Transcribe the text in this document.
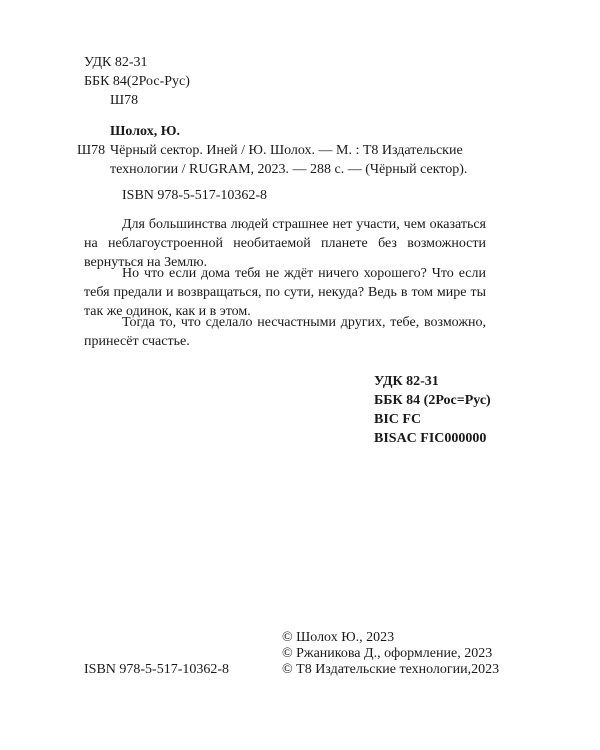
УДК 82-31
ББК 84(2Рос-Рус)
Ш78
Шолох, Ю.
Ш78 Чёрный сектор. Иней / Ю. Шолох. — М. : Т8 Издательские
технологии / RUGRAM, 2023. — 288 с. — (Чёрный сектор).
ISBN 978-5-517-10362-8
Для большинства людей страшнее нет участи, чем оказаться на неблагоустроенной необитаемой планете без возможности вернуться на Землю.
Но что если дома тебя не ждёт ничего хорошего? Что если тебя предали и возвращаться, по сути, некуда? Ведь в том мире ты так же одинок, как и в этом.
Тогда то, что сделало несчастными других, тебе, возможно, принесёт счастье.
УДК 82-31
ББК 84 (2Рос=Рус)
BIC FC
BISAC FIC000000
© Шолох Ю., 2023
© Ржаникова Д., оформление, 2023
© Т8 Издательские технологии,2023
ISBN 978-5-517-10362-8
